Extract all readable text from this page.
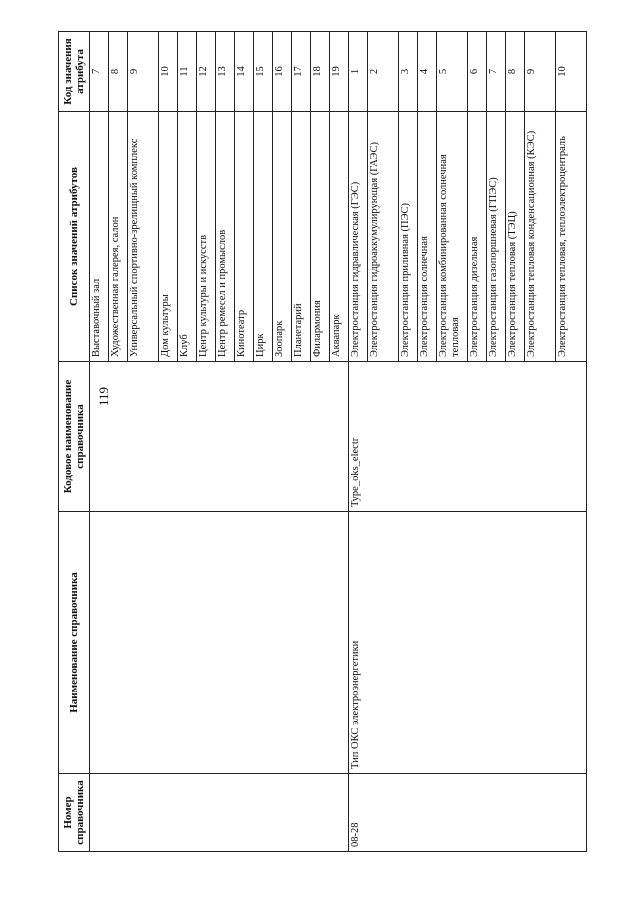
119
Номер справочника	Наименование справочника	Кодовое наименование справочника	Список значений атрибутов	Код значения атрибута
			Выставочный зал	7
			Художественная галерея, салон	8
			Универсальный спортивно-зрелищный комплекс	9
			Дом культуры	10
			Клуб	11
			Центр культуры и искусств	12
			Центр ремесел и промыслов	13
			Кинотеатр	14
			Цирк	15
			Зоопарк	16
			Планетарий	17
			Филармония	18
			Аквапарк	19
08-28	Тип ОКС электроэнергетики	Type_oks_electr	Электростанция гидравлическая (ГЭС)	1
			Электростанция гидроаккумулирующая (ГАЭС)	2
			Электростанция приливная (ПЭС)	3
			Электростанция солнечная	4
			Электростанция комбинированная солнечная тепловая	5
			Электростанция дизельная	6
			Электростанция газопоршневая (ГПЭС)	7
			Электростанция тепловая (ТЭЦ)	8
			Электростанция тепловая конденсационная (КЭС)	9
			Электростанция тепловая, теплоэлектроцентраль	10
